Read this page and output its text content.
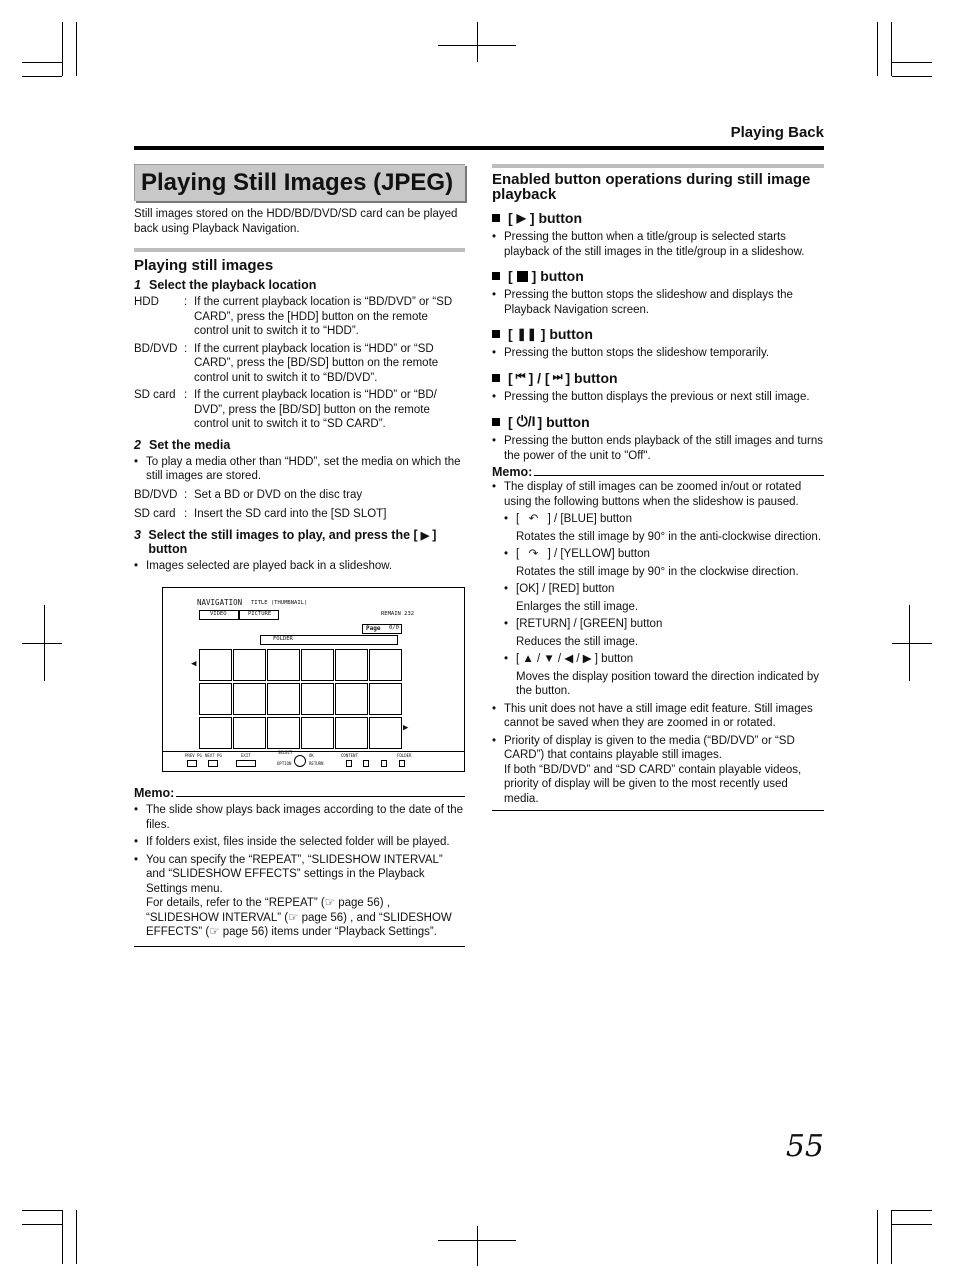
Playing Back
Playing Still Images (JPEG)
Still images stored on the HDD/BD/DVD/SD card can be played back using Playback Navigation.
Playing still images
1 Select the playback location
HDD	: If the current playback location is “BD/DVD” or “SD CARD”, press the [HDD] button on the remote control unit to switch it to “HDD”.
BD/DVD : If the current playback location is “HDD” or “SD CARD”, press the [BD/SD] button on the remote control unit to switch it to “BD/DVD”.
SD card : If the current playback location is “HDD” or “BD/ DVD”, press the [BD/SD] button on the remote control unit to switch it to “SD CARD”.
2 Set the media
• To play a media other than “HDD”, set the media on which the still images are stored.
BD/DVD : Set a BD or DVD on the disc tray
SD card : Insert the SD card into the [SD SLOT]
3 Select the still images to play, and press the [ ▶ ] button
• Images selected are played back in a slideshow.
NAVIGATION TITLE (THUMBNAIL)
VIDEO	PICTURE	REMAIN 232
Page 0/0
FOLDER
◀
▶
PREV PG NEXT PG	EXIT
SELECT
OK
OPTION	RETURN
CONTENT	FOLDER
Memo:
• The slide show plays back images according to the date of the files.
• If folders exist, files inside the selected folder will be played.
• You can specify the “REPEAT”, “SLIDESHOW INTERVAL” and “SLIDESHOW EFFECTS” settings in the Playback Settings menu.
For details, refer to the “REPEAT” (☞ page 56) , “SLIDESHOW INTERVAL” (☞ page 56) , and “SLIDESHOW EFFECTS” (☞ page 56) items under “Playback Settings”.
Enabled button operations during still image playback
[ ▶ ] button
• Pressing the button when a title/group is selected starts playback of the still images in the title/group in a slideshow.
[ ] button
• Pressing the button stops the slideshow and displays the Playback Navigation screen.
[ ❚❚ ] button
• Pressing the button stops the slideshow temporarily.
[ ⏮ ] / [ ⏭ ] button
• Pressing the button displays the previous or next still image.
[ ⏻/I ] button
• Pressing the button ends playback of the still images and turns the power of the unit to "Off".
Memo:
• The display of still images can be zoomed in/out or rotated using the following buttons when the slideshow is paused.
• [ ↶ ] / [BLUE] button

Rotates the still image by 90° in the anti-clockwise direction.
• [ ↷ ] / [YELLOW] button

Rotates the still image by 90° in the clockwise direction.
• [OK] / [RED] button
Enlarges the still image.
• [RETURN] / [GREEN] button
Reduces the still image.
• [ ▲ / ▼ / ◀ / ▶ ] button
Moves the display position toward the direction indicated by the button.
• This unit does not have a still image edit feature. Still images cannot be saved when they are zoomed in or rotated.
• Priority of display is given to the media (“BD/DVD” or “SD CARD”) that contains playable still images.
If both “BD/DVD” and “SD CARD” contain playable videos, priority of display will be given to the most recently used media.
55
